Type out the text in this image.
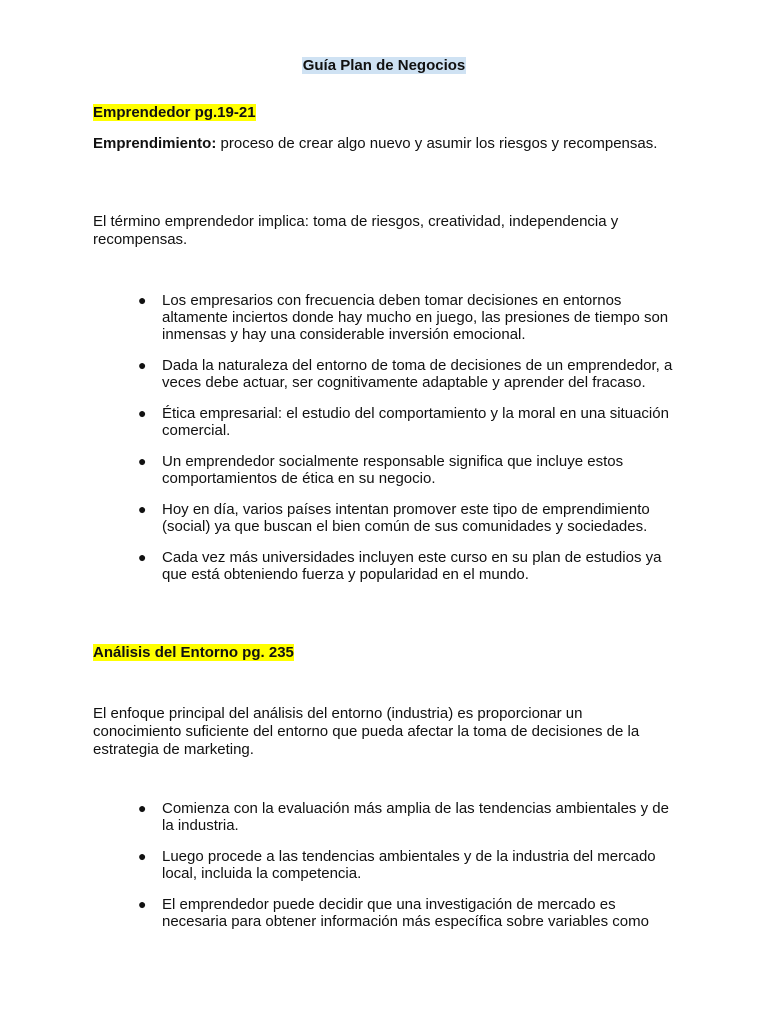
Guía Plan de Negocios
Emprendedor pg.19-21
Emprendimiento: proceso de crear algo nuevo y asumir los riesgos y recompensas.
El término emprendedor implica: toma de riesgos, creatividad, independencia y recompensas.
● Los empresarios con frecuencia deben tomar decisiones en entornos altamente inciertos donde hay mucho en juego, las presiones de tiempo son inmensas y hay una considerable inversión emocional.
● Dada la naturaleza del entorno de toma de decisiones de un emprendedor, a veces debe actuar, ser cognitivamente adaptable y aprender del fracaso.
● Ética empresarial: el estudio del comportamiento y la moral en una situación comercial.
● Un emprendedor socialmente responsable significa que incluye estos comportamientos de ética en su negocio.
● Hoy en día, varios países intentan promover este tipo de emprendimiento (social) ya que buscan el bien común de sus comunidades y sociedades.
● Cada vez más universidades incluyen este curso en su plan de estudios ya que está obteniendo fuerza y popularidad en el mundo.
Análisis del Entorno pg. 235
El enfoque principal del análisis del entorno (industria) es proporcionar un conocimiento suficiente del entorno que pueda afectar la toma de decisiones de la estrategia de marketing.
● Comienza con la evaluación más amplia de las tendencias ambientales y de la industria.
● Luego procede a las tendencias ambientales y de la industria del mercado local, incluida la competencia.
● El emprendedor puede decidir que una investigación de mercado es necesaria para obtener información más específica sobre variables como
